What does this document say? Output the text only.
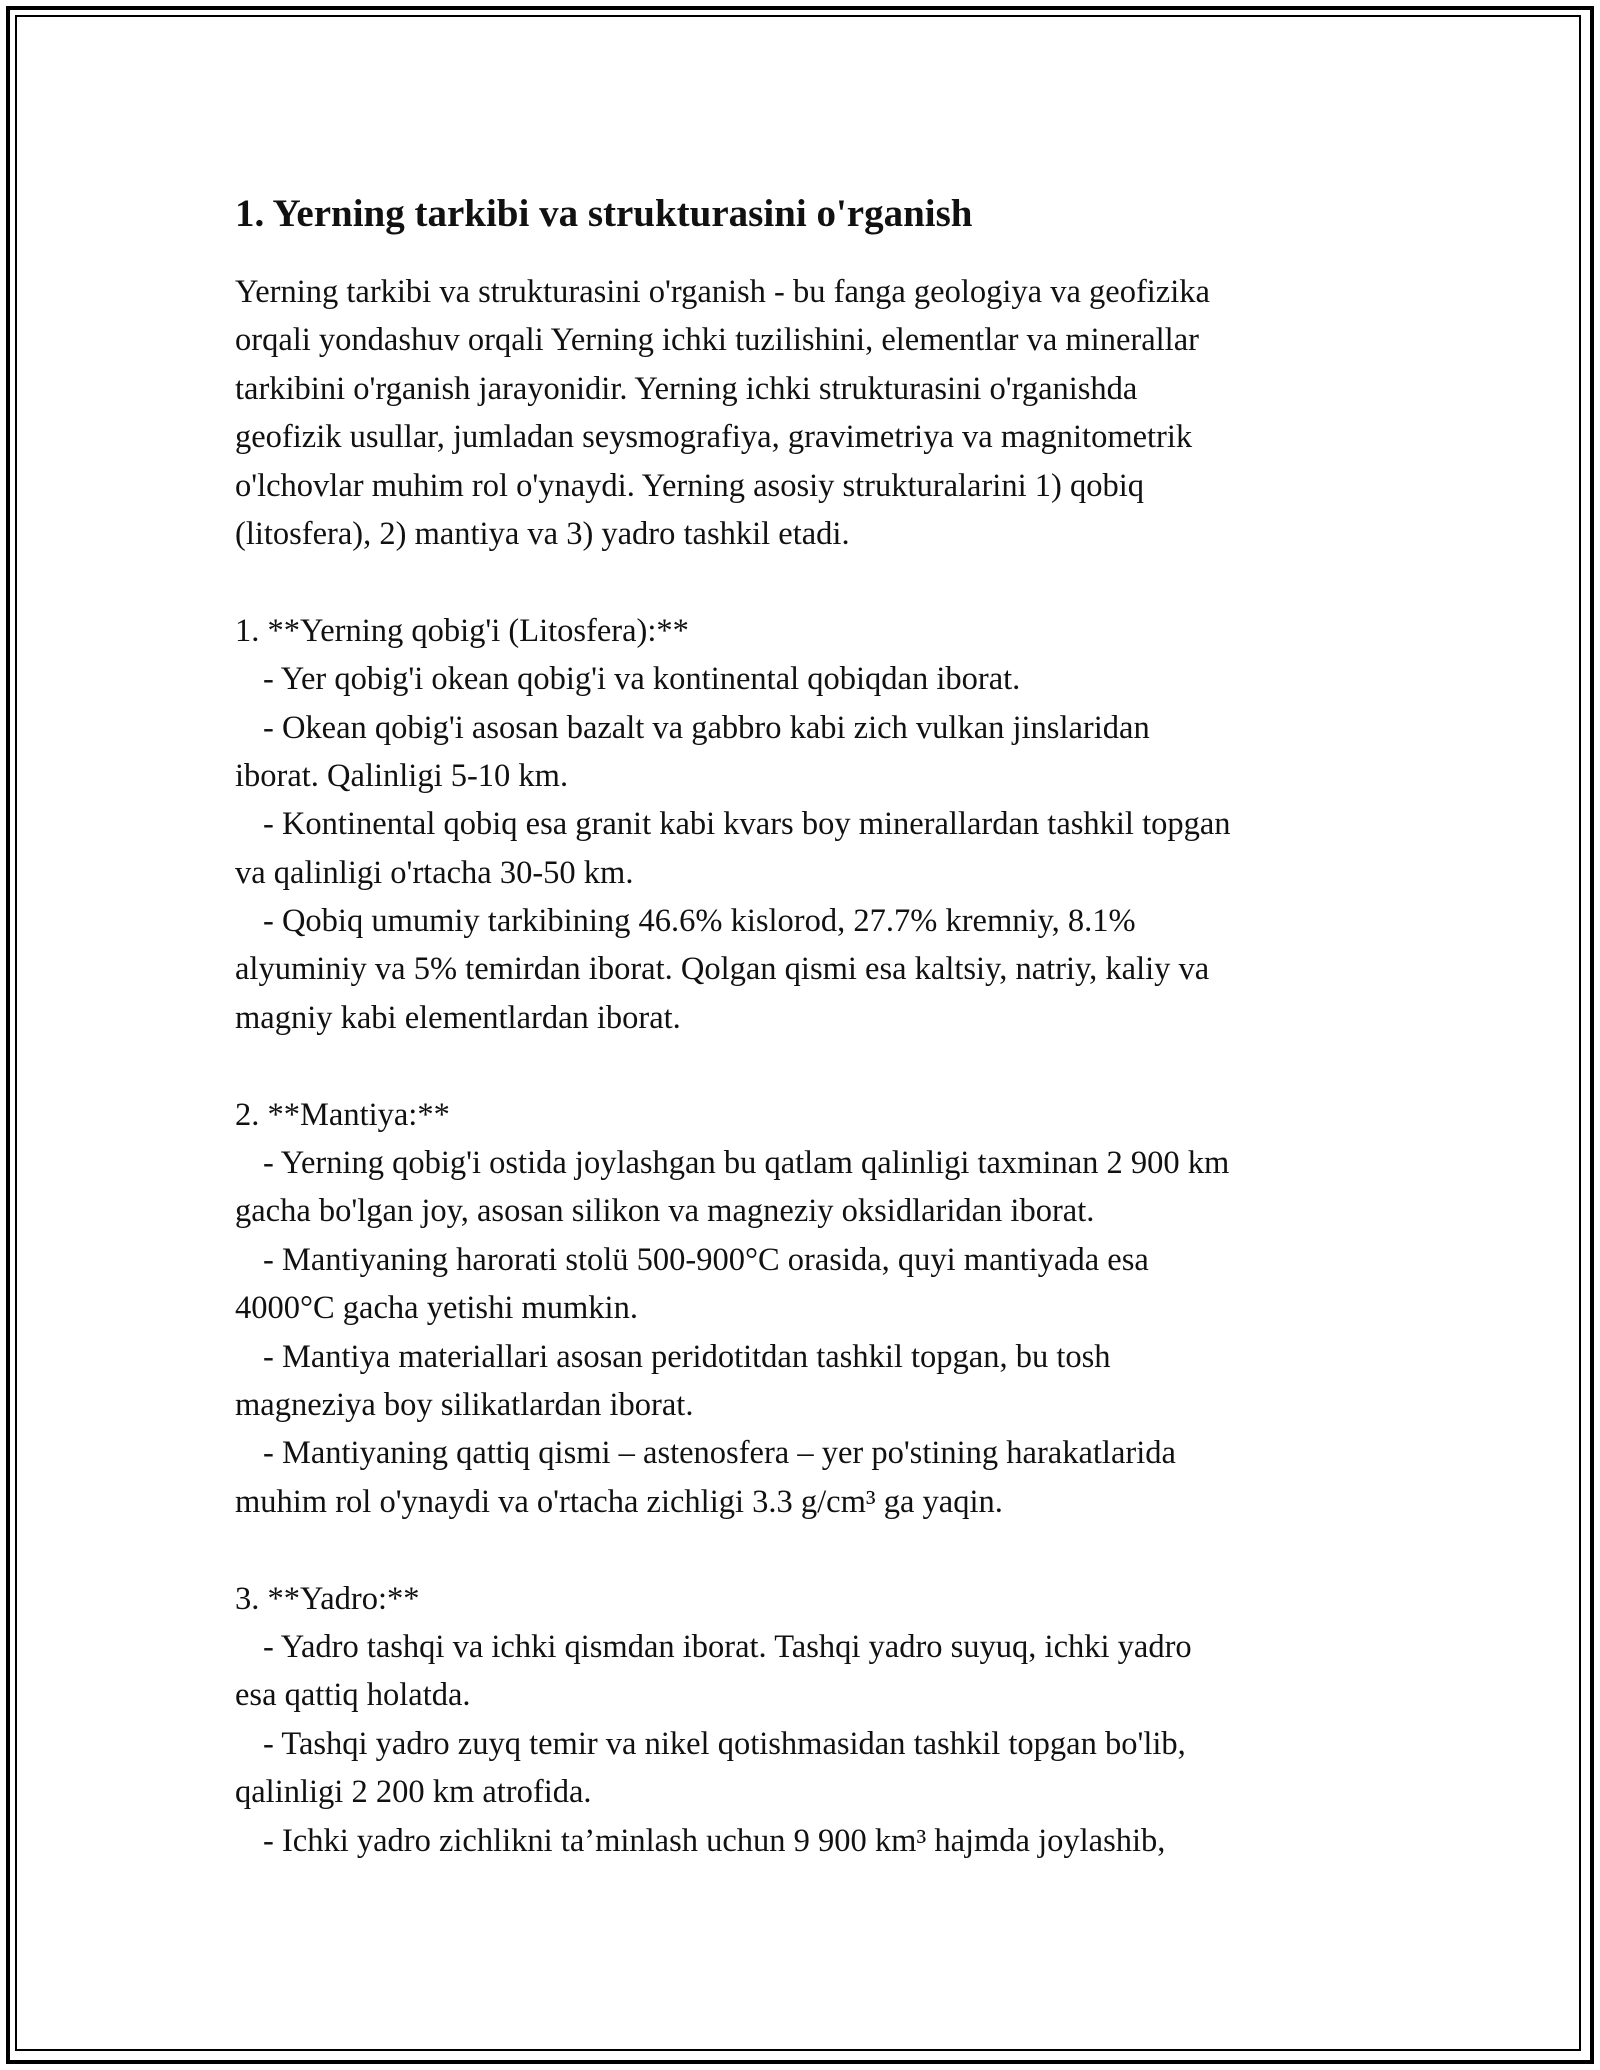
1. Yerning tarkibi va strukturasini o'rganish
Yerning tarkibi va strukturasini o'rganish - bu fanga geologiya va geofizika
orqali yondashuv orqali Yerning ichki tuzilishini, elementlar va minerallar
tarkibini o'rganish jarayonidir. Yerning ichki strukturasini o'rganishda
geofizik usullar, jumladan seysmografiya, gravimetriya va magnitometrik
o'lchovlar muhim rol o'ynaydi. Yerning asosiy strukturalarini 1) qobiq
(litosfera), 2) mantiya va 3) yadro tashkil etadi.
1. **Yerning qobig'i (Litosfera):**
- Yer qobig'i okean qobig'i va kontinental qobiqdan iborat.
- Okean qobig'i asosan bazalt va gabbro kabi zich vulkan jinslaridan
iborat. Qalinligi 5-10 km.
- Kontinental qobiq esa granit kabi kvars boy minerallardan tashkil topgan
va qalinligi o'rtacha 30-50 km.
- Qobiq umumiy tarkibining 46.6% kislorod, 27.7% kremniy, 8.1%
alyuminiy va 5% temirdan iborat. Qolgan qismi esa kaltsiy, natriy, kaliy va
magniy kabi elementlardan iborat.
2. **Mantiya:**
- Yerning qobig'i ostida joylashgan bu qatlam qalinligi taxminan 2 900 km
gacha bo'lgan joy, asosan silikon va magneziy oksidlaridan iborat.
- Mantiyaning harorati stolü 500-900°C orasida, quyi mantiyada esa
4000°C gacha yetishi mumkin.
- Mantiya materiallari asosan peridotitdan tashkil topgan, bu tosh
magneziya boy silikatlardan iborat.
- Mantiyaning qattiq qismi – astenosfera – yer po'stining harakatlarida
muhim rol o'ynaydi va o'rtacha zichligi 3.3 g/cm³ ga yaqin.
3. **Yadro:**
- Yadro tashqi va ichki qismdan iborat. Tashqi yadro suyuq, ichki yadro
esa qattiq holatda.
- Tashqi yadro zuyq temir va nikel qotishmasidan tashkil topgan bo'lib,
qalinligi 2 200 km atrofida.
- Ichki yadro zichlikni ta’minlash uchun 9 900 km³ hajmda joylashib,
